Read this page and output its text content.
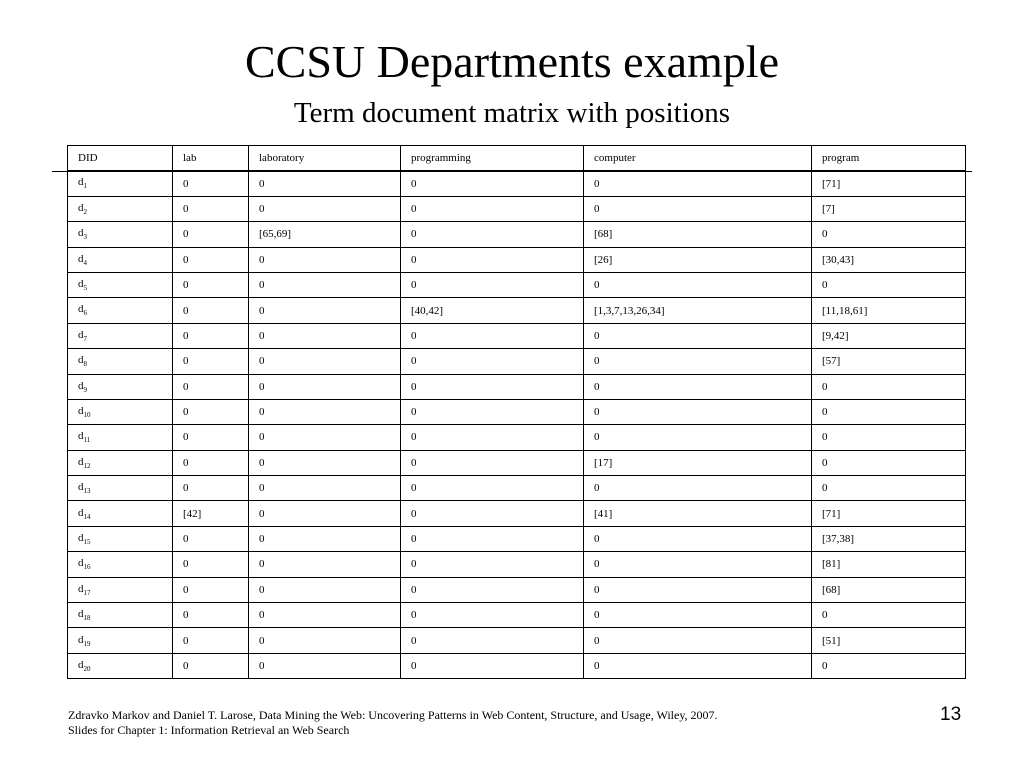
CCSU Departments example
Term document matrix with positions
DID	lab	laboratory	programming	computer	program
$d_1$	0	0	0	0	[71]
$d_2$	0	0	0	0	[7]
$d_3$	0	[65,69]	0	[68]	0
$d_4$	0	0	0	[26]	[30,43]
$d_5$	0	0	0	0	0
$d_6$	0	0	[40,42]	[1,3,7,13,26,34]	[11,18,61]
$d_7$	0	0	0	0	[9,42]
$d_8$	0	0	0	0	[57]
$d_9$	0	0	0	0	0
$d_{10}$	0	0	0	0	0
$d_{11}$	0	0	0	0	0
$d_{12}$	0	0	0	[17]	0
$d_{13}$	0	0	0	0	0
$d_{14}$	[42]	0	0	[41]	[71]
$d_{15}$	0	0	0	0	[37,38]
$d_{16}$	0	0	0	0	[81]
$d_{17}$	0	0	0	0	[68]
$d_{18}$	0	0	0	0	0
$d_{19}$	0	0	0	0	[51]
$d_{20}$	0	0	0	0	0
Zdravko Markov and Daniel T. Larose, Data Mining the Web: Uncovering Patterns in Web Content, Structure, and Usage, Wiley, 2007.
Slides for Chapter 1: Information Retrieval an Web Search
13
